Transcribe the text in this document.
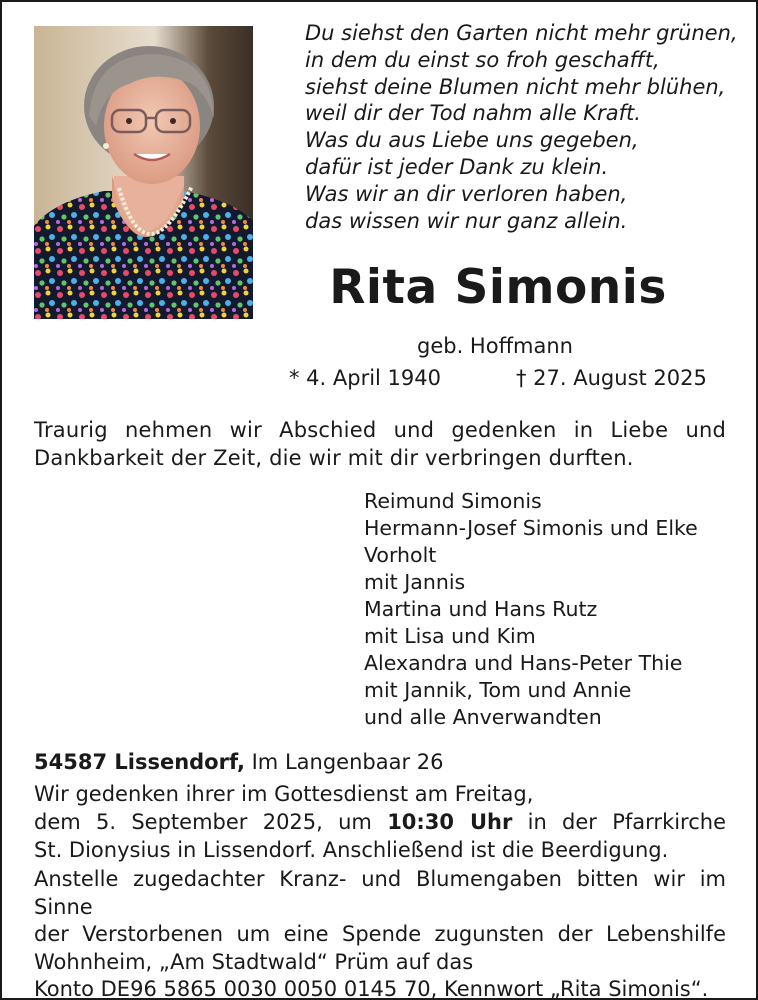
Du siehst den Garten nicht mehr grünen,
in dem du einst so froh geschafft,
siehst deine Blumen nicht mehr blühen,
weil dir der Tod nahm alle Kraft.
Was du aus Liebe uns gegeben,
dafür ist jeder Dank zu klein.
Was wir an dir verloren haben,
das wissen wir nur ganz allein.
Rita Simonis
geb. Hoffmann
* 4. April 1940	† 27. August 2025
Traurig nehmen wir Abschied und gedenken in Liebe und Dankbarkeit der Zeit, die wir mit dir verbringen durften.
Reimund Simonis
Hermann-Josef Simonis und Elke
Vorholt
mit Jannis
Martina und Hans Rutz
mit Lisa und Kim
Alexandra und Hans-Peter Thie
mit Jannik, Tom und Annie
und alle Anverwandten
54587 Lissendorf, Im Langenbaar 26
Wir gedenken ihrer im Gottesdienst am Freitag,
dem 5. September 2025, um 10:30 Uhr in der Pfarrkirche
St. Dionysius in Lissendorf. Anschließend ist die Beerdigung.
Anstelle zugedachter Kranz- und Blumengaben bitten wir im Sinne
der Verstorbenen um eine Spende zugunsten der Lebenshilfe
Wohnheim, „Am Stadtwald“ Prüm auf das
Konto DE96 5865 0030 0050 0145 70, Kennwort „Rita Simonis“.
